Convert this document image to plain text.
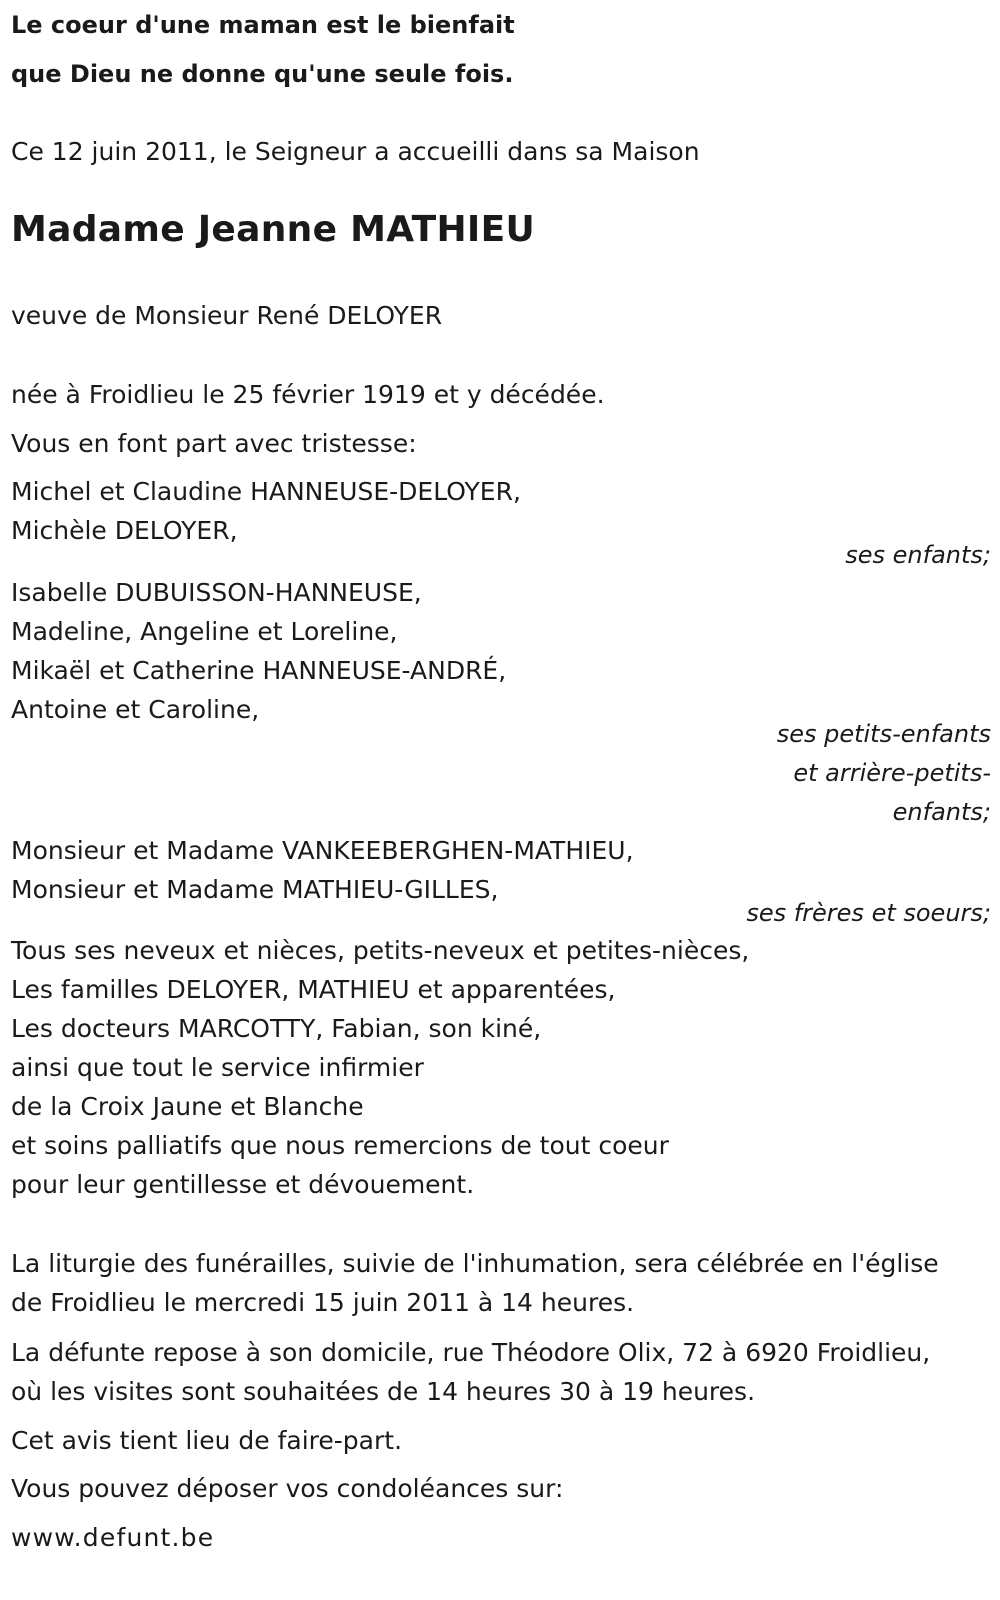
Le coeur d'une maman est le bienfait
que Dieu ne donne qu'une seule fois.
Ce 12 juin 2011, le Seigneur a accueilli dans sa Maison
Madame Jeanne MATHIEU
veuve de Monsieur René DELOYER
née à Froidlieu le 25 février 1919 et y décédée.
Vous en font part avec tristesse:
Michel et Claudine HANNEUSE-DELOYER,
Michèle DELOYER,
ses enfants;
Isabelle DUBUISSON-HANNEUSE,
Madeline, Angeline et Loreline,
Mikaël et Catherine HANNEUSE-ANDRÉ,
Antoine et Caroline,
ses petits-enfants
et arrière-petits-
enfants;
Monsieur et Madame VANKEEBERGHEN-MATHIEU,
Monsieur et Madame MATHIEU-GILLES,
ses frères et soeurs;
Tous ses neveux et nièces, petits-neveux et petites-nièces,
Les familles DELOYER, MATHIEU et apparentées,
Les docteurs MARCOTTY, Fabian, son kiné,
ainsi que tout le service infirmier
de la Croix Jaune et Blanche
et soins palliatifs que nous remercions de tout coeur
pour leur gentillesse et dévouement.
La liturgie des funérailles, suivie de l'inhumation, sera célébrée en l'église
de Froidlieu le mercredi 15 juin 2011 à 14 heures.
La défunte repose à son domicile, rue Théodore Olix, 72 à 6920 Froidlieu,
où les visites sont souhaitées de 14 heures 30 à 19 heures.
Cet avis tient lieu de faire-part.
Vous pouvez déposer vos condoléances sur:
www.defunt.be
